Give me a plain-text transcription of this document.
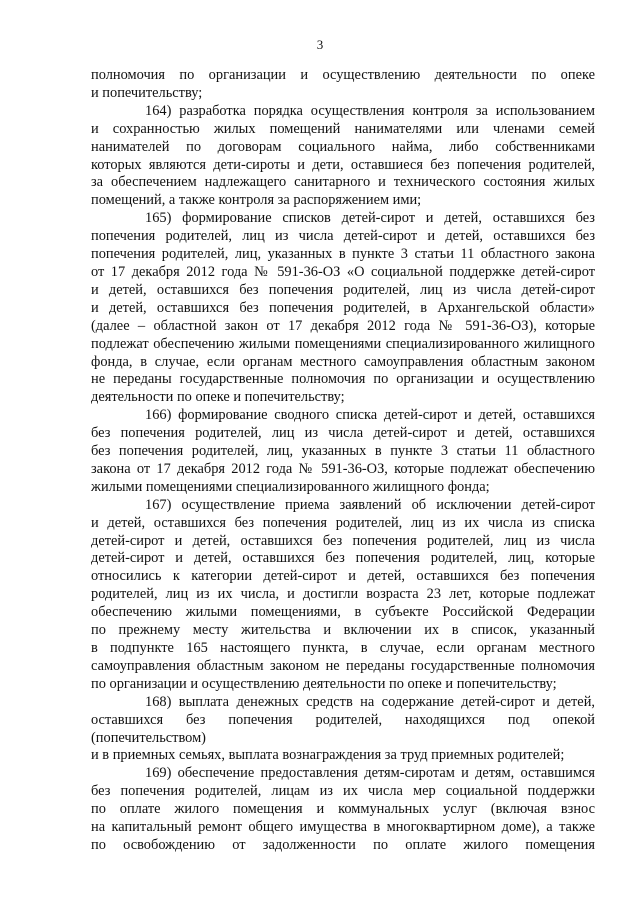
3

полномочия по организации и осуществлению деятельности по опеке

и попечительству;

164) разработка порядка осуществления контроля за использованием

и сохранностью жилых помещений нанимателями или членами семей

нанимателей по договорам социального найма, либо собственниками

которых являются дети-сироты и дети, оставшиеся без попечения родителей,

за обеспечением надлежащего санитарного и технического состояния жилых

помещений, а также контроля за распоряжением ими;

165) формирование списков детей-сирот и детей, оставшихся без

попечения родителей, лиц из числа детей-сирот и детей, оставшихся без

попечения родителей, лиц, указанных в пункте 3 статьи 11 областного закона

от 17 декабря 2012 года № 591-36-ОЗ «О социальной поддержке детей-сирот

и детей, оставшихся без попечения родителей, лиц из числа детей-сирот

и детей, оставшихся без попечения родителей, в Архангельской области»

(далее – областной закон от 17 декабря 2012 года № 591-36-ОЗ), которые

подлежат обеспечению жилыми помещениями специализированного жилищного

фонда, в случае, если органам местного самоуправления областным законом

не переданы государственные полномочия по организации и осуществлению

деятельности по опеке и попечительству;

166) формирование сводного списка детей-сирот и детей, оставшихся

без попечения родителей, лиц из числа детей-сирот и детей, оставшихся

без попечения родителей, лиц, указанных в пункте 3 статьи 11 областного

закона от 17 декабря 2012 года № 591-36-ОЗ, которые подлежат обеспечению

жилыми помещениями специализированного жилищного фонда;

167) осуществление приема заявлений об исключении детей-сирот

и детей, оставшихся без попечения родителей, лиц из их числа из списка

детей-сирот и детей, оставшихся без попечения родителей, лиц из числа

детей-сирот и детей, оставшихся без попечения родителей, лиц, которые

относились к категории детей-сирот и детей, оставшихся без попечения

родителей, лиц из их числа, и достигли возраста 23 лет, которые подлежат

обеспечению жилыми помещениями, в субъекте Российской Федерации

по прежнему месту жительства и включении их в список, указанный

в подпункте 165 настоящего пункта, в случае, если органам местного

самоуправления областным законом не переданы государственные полномочия

по организации и осуществлению деятельности по опеке и попечительству;

168) выплата денежных средств на содержание детей-сирот и детей,

оставшихся без попечения родителей, находящихся под опекой (попечительством)

и в приемных семьях, выплата вознаграждения за труд приемных родителей;

169) обеспечение предоставления детям-сиротам и детям, оставшимся

без попечения родителей, лицам из их числа мер социальной поддержки

по оплате жилого помещения и коммунальных услуг (включая взнос

на капитальный ремонт общего имущества в многоквартирном доме), а также

по освобождению от задолженности по оплате жилого помещения
